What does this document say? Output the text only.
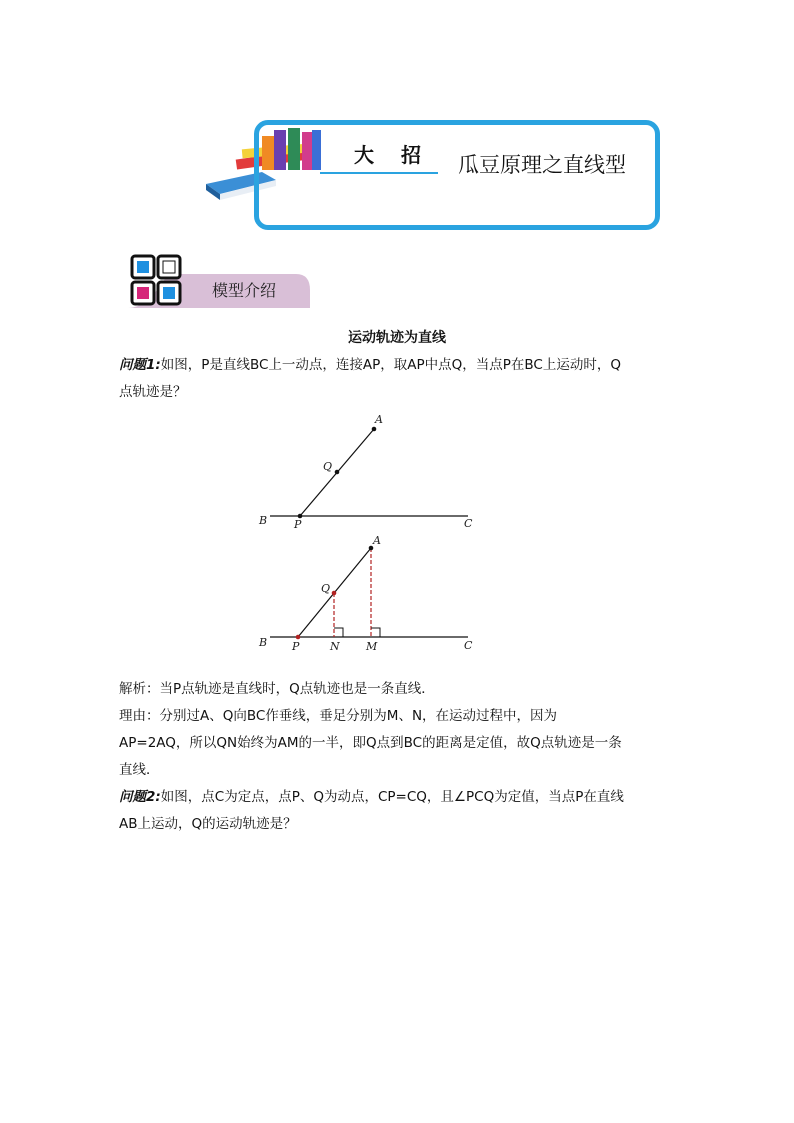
大 招 瓜豆原理之直线型
模型介绍
运动轨迹为直线
问题1:如图，P是直线BC上一动点，连接AP，取AP中点Q，当点P在BC上运动时，Q点轨迹是？
A
Q
B P	C
A
Q
B P	N M	C
解析：当P点轨迹是直线时，Q点轨迹也是一条直线．
理由：分别过A、Q向BC作垂线，垂足分别为M、N，在运动过程中，因为AP=2AQ，所以QN始终为AM的一半，即Q点到BC的距离是定值，故Q点轨迹是一条直线．
问题2:如图，点C为定点，点P、Q为动点，CP=CQ，且∠PCQ为定值，当点P在直线AB上运动，Q的运动轨迹是？
